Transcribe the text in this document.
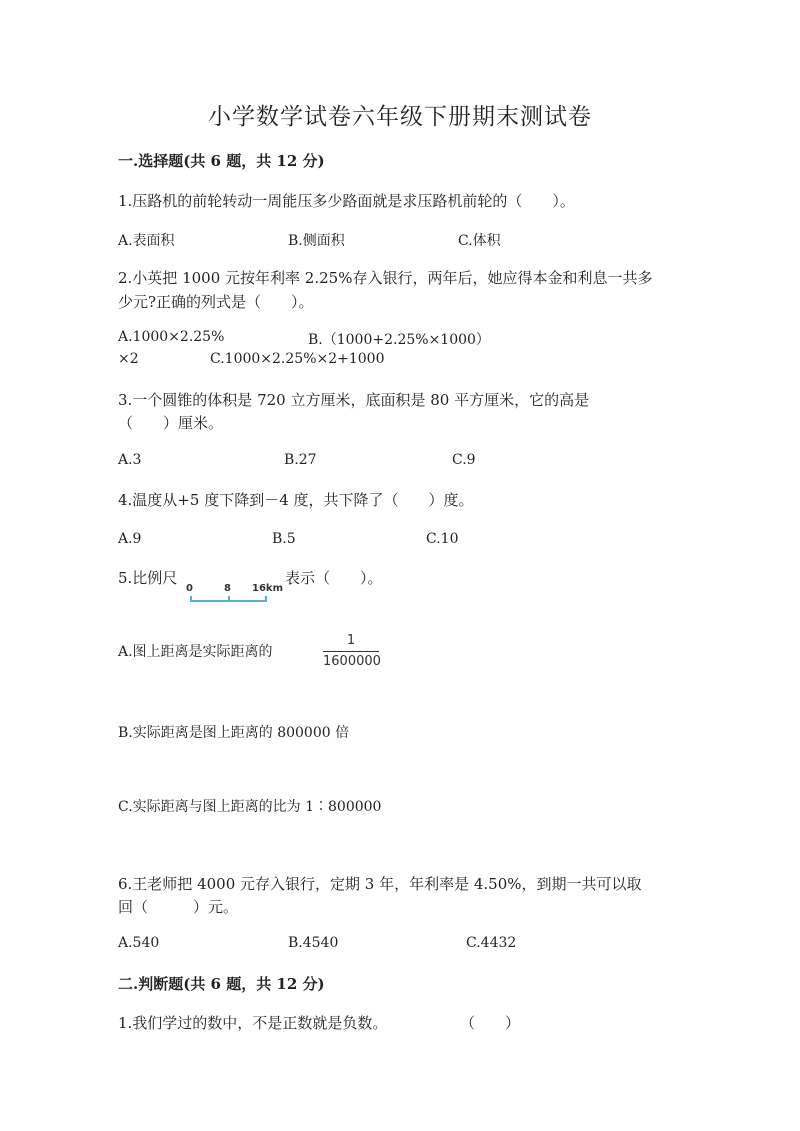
小学数学试卷六年级下册期末测试卷
一.选择题(共 6 题，共 12 分)
1.压路机的前轮转动一周能压多少路面就是求压路机前轮的（　　）。
A.表面积	B.侧面积	C.体积
2.小英把 1000 元按年利率 2.25%存入银行，两年后，她应得本金和利息一共多
少元?正确的列式是（　　）。
A.1000×2.25%	B.（1000+2.25%×1000）
×2	C.1000×2.25%×2+1000
3.一个圆锥的体积是 720 立方厘米，底面积是 80 平方厘米，它的高是
（　　）厘米。
A.3	B.27	C.9
4.温度从+5 度下降到－4 度，共下降了（　　）度。
A.9	B.5	C.10
5.比例尺
0	8 16km
表示（　　）。
A.图上距离是实际距离的
1
1600000
B.实际距离是图上距离的 800000 倍
C.实际距离与图上距离的比为 1∶800000
6.王老师把 4000 元存入银行，定期 3 年，年利率是 4.50%，到期一共可以取
回（　　　）元。
A.540	B.4540	C.4432
二.判断题(共 6 题，共 12 分)
1.我们学过的数中，不是正数就是负数。	（　　）
